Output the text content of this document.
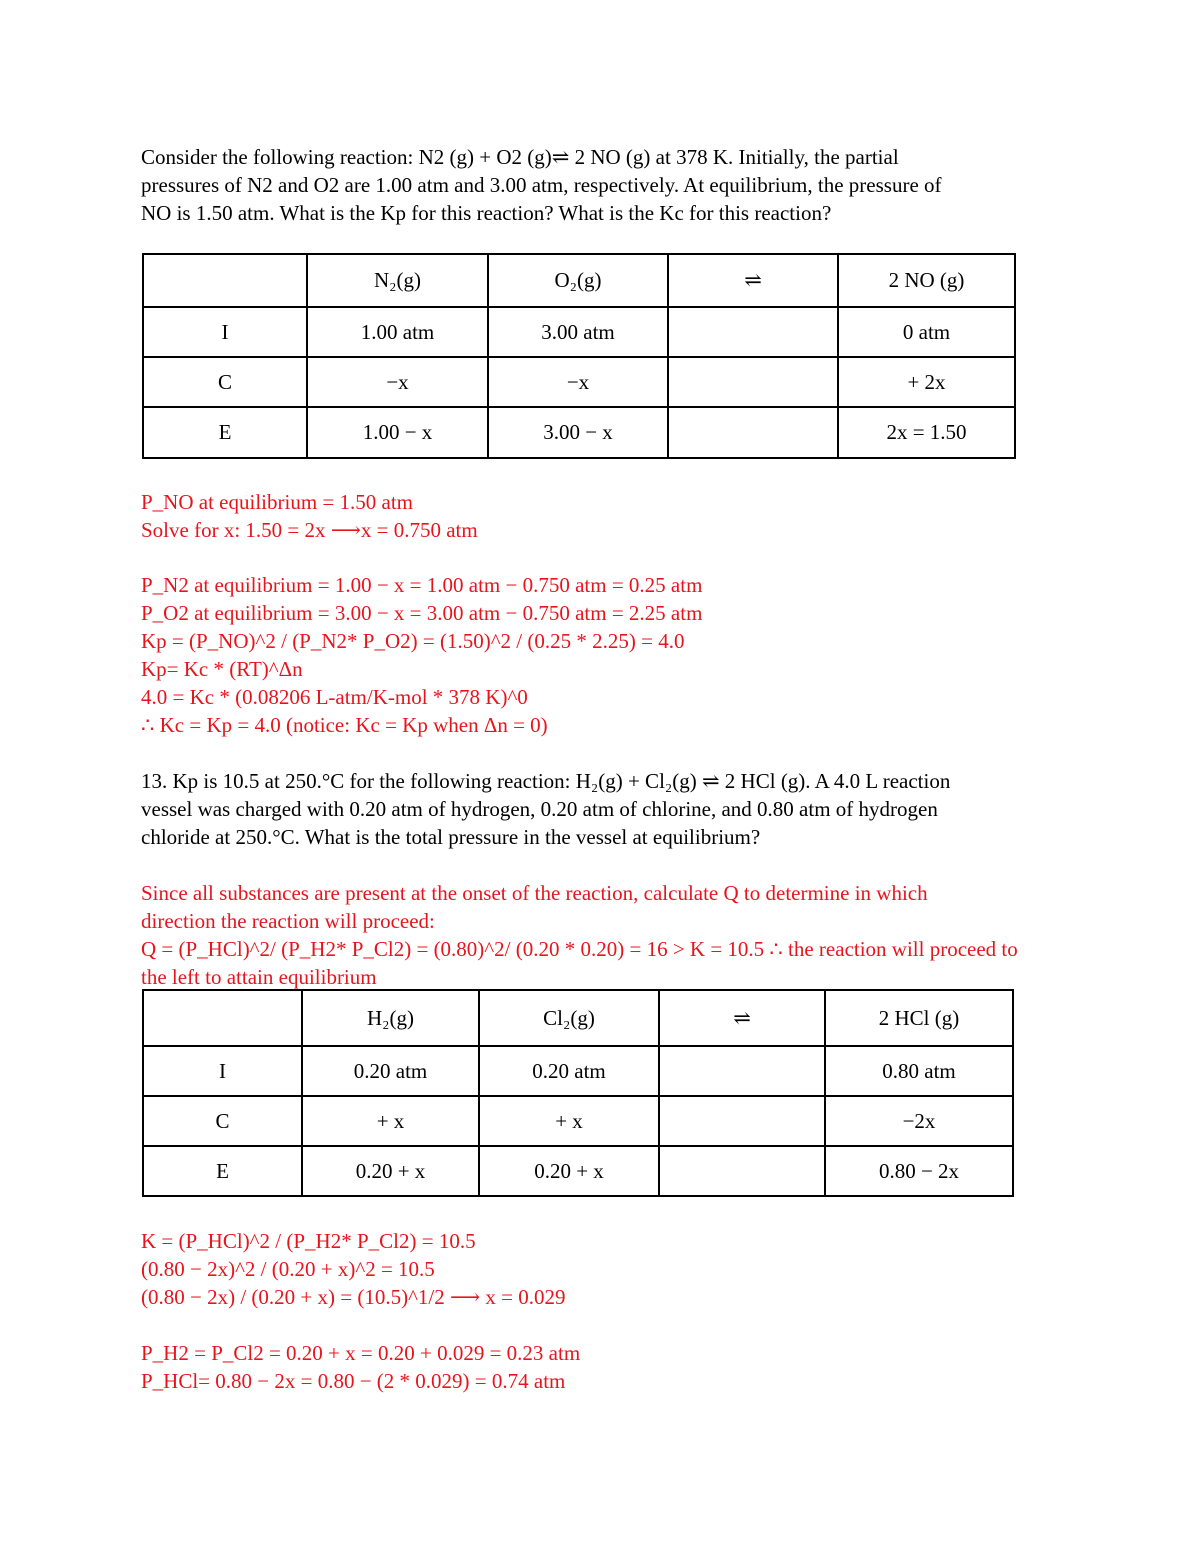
Consider the following reaction: N2 (g) + O2 (g)⇌ 2 NO (g) at 378 K. Initially, the partial
pressures of N2 and O2 are 1.00 atm and 3.00 atm, respectively. At equilibrium, the pressure of
NO is 1.50 atm. What is the Kp for this reaction? What is the Kc for this reaction?
	N₂(g)	O₂(g)	⇌	2 NO (g)
I	1.00 atm	3.00 atm		0 atm
C	−x	−x		+ 2x
E	1.00 − x	3.00 − x		2x = 1.50
P_NO at equilibrium = 1.50 atm
Solve for x: 1.50 = 2x ⟶x = 0.750 atm
P_N2 at equilibrium = 1.00 − x = 1.00 atm − 0.750 atm = 0.25 atm
P_O2 at equilibrium = 3.00 − x = 3.00 atm − 0.750 atm = 2.25 atm
Kp = (P_NO)^2 / (P_N2* P_O2) = (1.50)^2 / (0.25 * 2.25) = 4.0
Kp= Kc * (RT)^Δn
4.0 = Kc * (0.08206 L-atm/K-mol * 378 K)^0
∴ Kc = Kp = 4.0 (notice: Kc = Kp when Δn = 0)
13. Kp is 10.5 at 250.°C for the following reaction: H₂(g) + Cl₂(g) ⇌ 2 HCl (g). A 4.0 L reaction
vessel was charged with 0.20 atm of hydrogen, 0.20 atm of chlorine, and 0.80 atm of hydrogen
chloride at 250.°C. What is the total pressure in the vessel at equilibrium?
Since all substances are present at the onset of the reaction, calculate Q to determine in which
direction the reaction will proceed:
Q = (P_HCl)^2/ (P_H2* P_Cl2) = (0.80)^2/ (0.20 * 0.20) = 16 > K = 10.5 ∴ the reaction will proceed to
the left to attain equilibrium
	H₂(g)	Cl₂(g)	⇌	2 HCl (g)
I	0.20 atm	0.20 atm		0.80 atm
C	+ x	+ x		−2x
E	0.20 + x	0.20 + x		0.80 − 2x
K = (P_HCl)^2 / (P_H2* P_Cl2) = 10.5
(0.80 − 2x)^2 / (0.20 + x)^2 = 10.5
(0.80 − 2x) / (0.20 + x) = (10.5)^1/2 ⟶ x = 0.029
P_H2 = P_Cl2 = 0.20 + x = 0.20 + 0.029 = 0.23 atm
P_HCl= 0.80 − 2x = 0.80 − (2 * 0.029) = 0.74 atm
